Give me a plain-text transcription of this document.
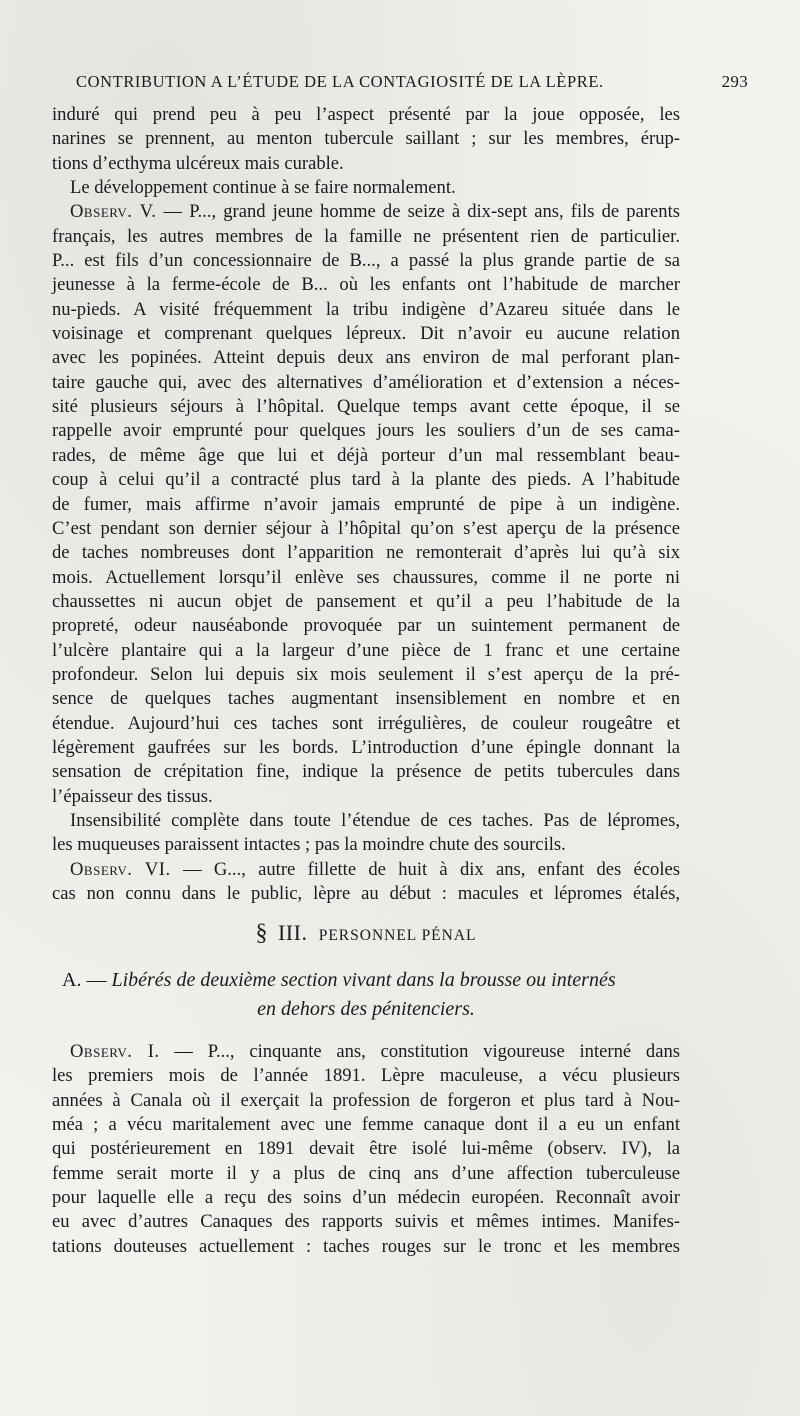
CONTRIBUTION A L’ÉTUDE DE LA CONTAGIOSITÉ DE LA LÈPRE.	293
induré qui prend peu à peu l’aspect présenté par la joue opposée, les
narines se prennent, au menton tubercule saillant ; sur les membres, érup-
tions d’ecthyma ulcéreux mais curable.
Le développement continue à se faire normalement.
Observ. V. — P..., grand jeune homme de seize à dix-sept ans, fils de parents
français, les autres membres de la famille ne présentent rien de particulier.
P... est fils d’un concessionnaire de B..., a passé la plus grande partie de sa
jeunesse à la ferme-école de B... où les enfants ont l’habitude de marcher
nu-pieds. A visité fréquemment la tribu indigène d’Azareu située dans le
voisinage et comprenant quelques lépreux. Dit n’avoir eu aucune relation
avec les popinées. Atteint depuis deux ans environ de mal perforant plan-
taire gauche qui, avec des alternatives d’amélioration et d’extension a néces-
sité plusieurs séjours à l’hôpital. Quelque temps avant cette époque, il se
rappelle avoir emprunté pour quelques jours les souliers d’un de ses cama-
rades, de même âge que lui et déjà porteur d’un mal ressemblant beau-
coup à celui qu’il a contracté plus tard à la plante des pieds. A l’habitude
de fumer, mais affirme n’avoir jamais emprunté de pipe à un indigène.
C’est pendant son dernier séjour à l’hôpital qu’on s’est aperçu de la présence
de taches nombreuses dont l’apparition ne remonterait d’après lui qu’à six
mois. Actuellement lorsqu’il enlève ses chaussures, comme il ne porte ni
chaussettes ni aucun objet de pansement et qu’il a peu l’habitude de la
propreté, odeur nauséabonde provoquée par un suintement permanent de
l’ulcère plantaire qui a la largeur d’une pièce de 1 franc et une certaine
profondeur. Selon lui depuis six mois seulement il s’est aperçu de la pré-
sence de quelques taches augmentant insensiblement en nombre et en
étendue. Aujourd’hui ces taches sont irrégulières, de couleur rougeâtre et
légèrement gaufrées sur les bords. L’introduction d’une épingle donnant la
sensation de crépitation fine, indique la présence de petits tubercules dans
l’épaisseur des tissus.
Insensibilité complète dans toute l’étendue de ces taches. Pas de lépromes,
les muqueuses paraissent intactes ; pas la moindre chute des sourcils.
Observ. VI. — G..., autre fillette de huit à dix ans, enfant des écoles
cas non connu dans le public, lèpre au début : macules et lépromes étalés,
§ III. PERSONNEL PÉNAL
A. — Libérés de deuxième section vivant dans la brousse ou internés
en dehors des pénitenciers.
Observ. I. — P..., cinquante ans, constitution vigoureuse interné dans
les premiers mois de l’année 1891. Lèpre maculeuse, a vécu plusieurs
années à Canala où il exerçait la profession de forgeron et plus tard à Nou-
méa ; a vécu maritalement avec une femme canaque dont il a eu un enfant
qui postérieurement en 1891 devait être isolé lui-même (observ. IV), la
femme serait morte il y a plus de cinq ans d’une affection tuberculeuse
pour laquelle elle a reçu des soins d’un médecin européen. Reconnaît avoir
eu avec d’autres Canaques des rapports suivis et mêmes intimes. Manifes-
tations douteuses actuellement : taches rouges sur le tronc et les membres
